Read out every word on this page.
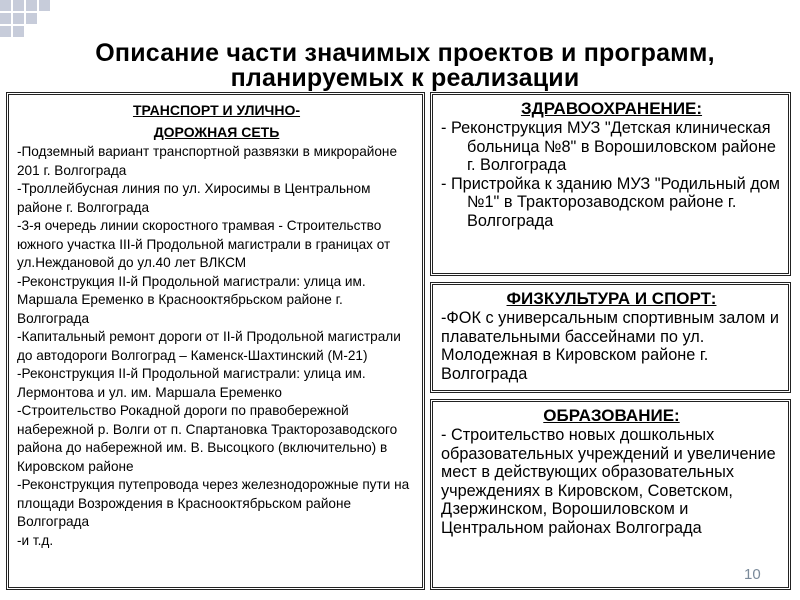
Описание части значимых проектов и программ,
планируемых к реализации
ТРАНСПОРТ И УЛИЧНО-
ДОРОЖНАЯ СЕТЬ
-Подземный вариант транспортной развязки в микрорайоне 201 г. Волгограда
-Троллейбусная линия по ул. Хиросимы в Центральном районе г. Волгограда
-3-я очередь линии скоростного трамвая - Строительство южного участка III-й Продольной магистрали в границах от ул.Неждановой до ул.40 лет ВЛКСМ
-Реконструкция II-й Продольной магистрали: улица им. Маршала Еременко в Краснооктябрьском районе г. Волгограда
-Капитальный ремонт дороги от II-й Продольной магистрали до автодороги Волгоград – Каменск-Шахтинский (М-21)
-Реконструкция II-й Продольной магистрали: улица им. Лермонтова и ул. им. Маршала Еременко
-Строительство Рокадной дороги по правобережной набережной р. Волги от п. Спартановка Тракторозаводского района до набережной им. В. Высоцкого (включительно) в Кировском районе
-Реконструкция путепровода через железнодорожные пути на площади Возрождения в Краснооктябрьском районе Волгограда
-и т.д.
ЗДРАВООХРАНЕНИЕ:
- Реконструкция МУЗ "Детская клиническая больница №8" в Ворошиловском районе г. Волгограда
- Пристройка к зданию МУЗ "Родильный дом №1" в Тракторозаводском районе г. Волгограда
ФИЗКУЛЬТУРА И СПОРТ:
-ФОК с универсальным спортивным залом и плавательными бассейнами по ул. Молодежная в Кировском районе г. Волгограда
ОБРАЗОВАНИЕ:
- Строительство новых дошкольных образовательных учреждений и увеличение мест в действующих образовательных учреждениях в Кировском, Советском, Дзержинском, Ворошиловском и Центральном районах Волгограда
10
